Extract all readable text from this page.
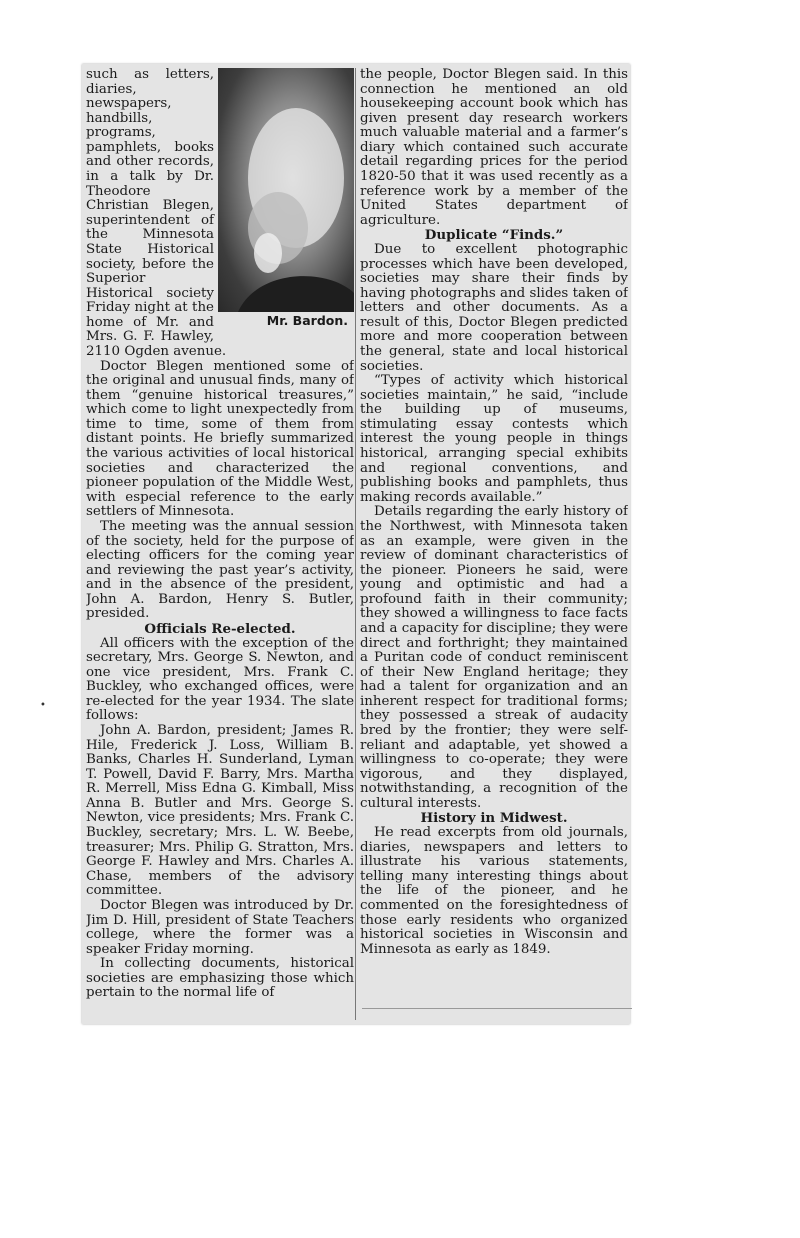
•
Mr. Bardon.

such as letters, diaries, newspapers, handbills, programs, pamphlets, books and other records, in a talk by Dr. Theodore Christian Blegen, superintendent of the Minnesota State Historical society, before the Superior Historical society Friday night at the home of Mr. and Mrs. G. F. Hawley, 2110 Ogden avenue.

Doctor Blegen mentioned some of the original and unusual finds, many of them “genuine historical treasures,” which come to light unexpectedly from time to time, some of them from distant points. He briefly summarized the various activities of local historical societies and characterized the pioneer population of the Middle West, with especial reference to the early settlers of Minnesota.

The meeting was the annual session of the society, held for the purpose of electing officers for the coming year and reviewing the past year’s activity, and in the absence of the president, John A. Bardon, Henry S. Butler, presided.

Officials Re-elected.

All officers with the exception of the secretary, Mrs. George S. Newton, and one vice president, Mrs. Frank C. Buckley, who exchanged offices, were re-elected for the year 1934. The slate follows:

John A. Bardon, president; James R. Hile, Frederick J. Loss, William B. Banks, Charles H. Sunderland, Lyman T. Powell, David F. Barry, Mrs. Martha R. Merrell, Miss Edna G. Kimball, Miss Anna B. Butler and Mrs. George S. Newton, vice presidents; Mrs. Frank C. Buckley, secretary; Mrs. L. W. Beebe, treasurer; Mrs. Philip G. Stratton, Mrs. George F. Hawley and Mrs. Charles A. Chase, members of the advisory committee.

Doctor Blegen was introduced by Dr. Jim D. Hill, president of State Teachers college, where the former was a speaker Friday morning.

In collecting documents, historical societies are emphasizing those which pertain to the normal life of

the people, Doctor Blegen said. In this connection he mentioned an old housekeeping account book which has given present day research workers much valuable material and a farmer’s diary which contained such accurate detail regarding prices for the period 1820-50 that it was used recently as a reference work by a member of the United States department of agriculture.

Duplicate “Finds.”

Due to excellent photographic processes which have been developed, societies may share their finds by having photographs and slides taken of letters and other documents. As a result of this, Doctor Blegen predicted more and more cooperation between the general, state and local historical societies.

“Types of activity which historical societies maintain,” he said, “include the building up of museums, stimulating essay contests which interest the young people in things historical, arranging special exhibits and regional conventions, and publishing books and pamphlets, thus making records available.”

Details regarding the early history of the Northwest, with Minnesota taken as an example, were given in the review of dominant characteristics of the pioneer. Pioneers he said, were young and optimistic and had a profound faith in their community; they showed a willingness to face facts and a capacity for discipline; they were direct and forthright; they maintained a Puritan code of conduct reminiscent of their New England heritage; they had a talent for organization and an inherent respect for traditional forms; they possessed a streak of audacity bred by the frontier; they were self-reliant and adaptable, yet showed a willingness to co-operate; they were vigorous, and they displayed, notwithstanding, a recognition of the cultural interests.

History in Midwest.

He read excerpts from old journals, diaries, newspapers and letters to illustrate his various statements, telling many interesting things about the life of the pioneer, and he commented on the foresightedness of those early residents who organized historical societies in Wisconsin and Minnesota as early as 1849.
